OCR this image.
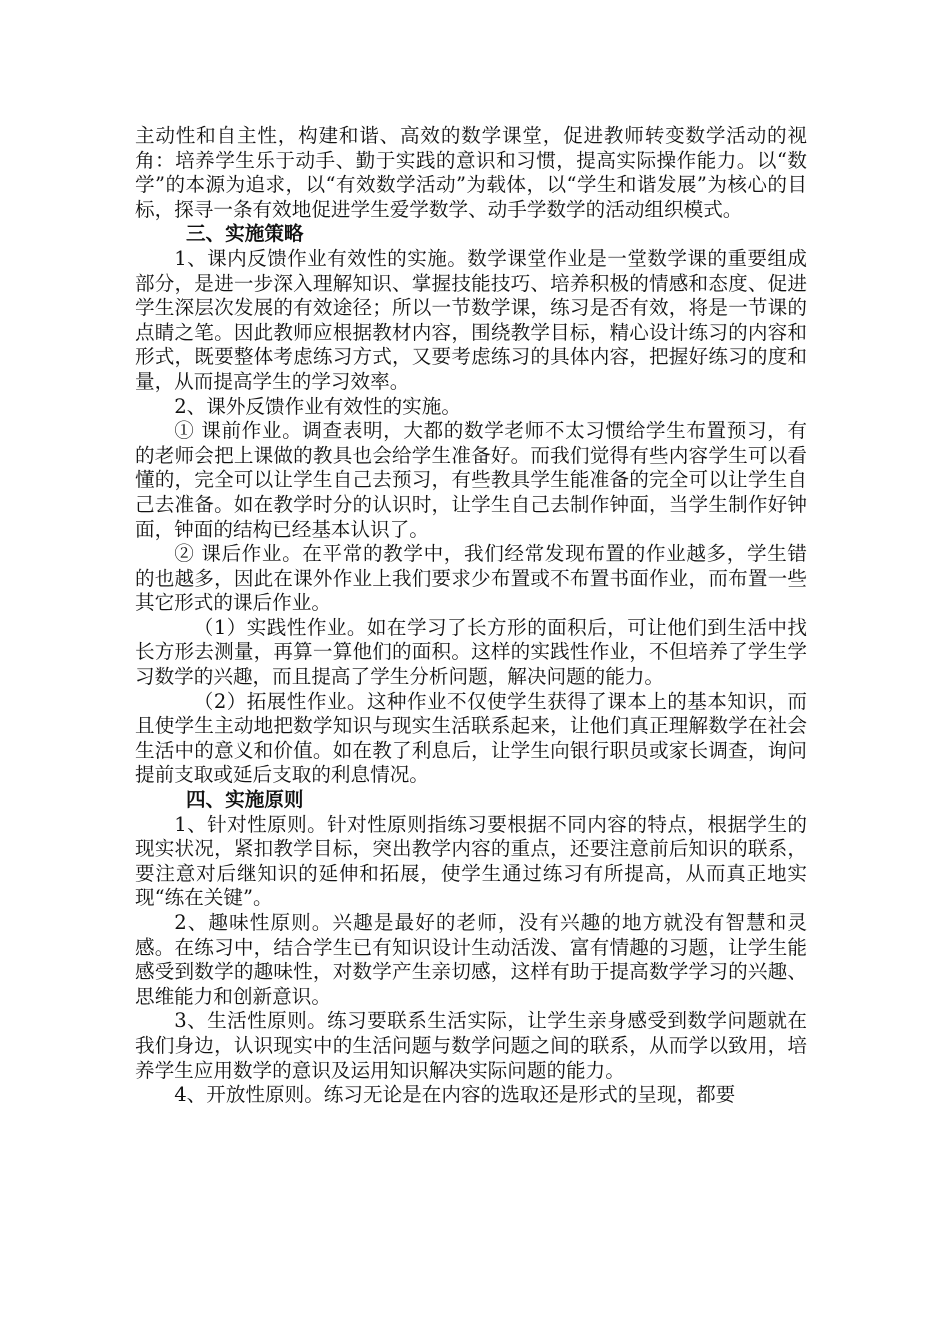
主动性和自主性，构建和谐、高效的数学课堂，促进教师转变数学活动的视角：培养学生乐于动手、勤于实践的意识和习惯，提高实际操作能力。以“数学”的本源为追求，以“有效数学活动”为载体，以“学生和谐发展”为核心的目标，探寻一条有效地促进学生爱学数学、动手学数学的活动组织模式。

三、实施策略

1、课内反馈作业有效性的实施。数学课堂作业是一堂数学课的重要组成部分，是进一步深入理解知识、掌握技能技巧、培养积极的情感和态度、促进学生深层次发展的有效途径；所以一节数学课，练习是否有效，将是一节课的点睛之笔。因此教师应根据教材内容，围绕教学目标，精心设计练习的内容和形式，既要整体考虑练习方式，又要考虑练习的具体内容，把握好练习的度和量，从而提高学生的学习效率。

2、课外反馈作业有效性的实施。

① 课前作业。调查表明，大都的数学老师不太习惯给学生布置预习，有的老师会把上课做的教具也会给学生准备好。而我们觉得有些内容学生可以看懂的，完全可以让学生自己去预习，有些教具学生能准备的完全可以让学生自己去准备。如在教学时分的认识时，让学生自己去制作钟面，当学生制作好钟面，钟面的结构已经基本认识了。

② 课后作业。在平常的教学中，我们经常发现布置的作业越多，学生错的也越多，因此在课外作业上我们要求少布置或不布置书面作业，而布置一些其它形式的课后作业。

（1）实践性作业。如在学习了长方形的面积后，可让他们到生活中找长方形去测量，再算一算他们的面积。这样的实践性作业，不但培养了学生学习数学的兴趣，而且提高了学生分析问题，解决问题的能力。

（2）拓展性作业。这种作业不仅使学生获得了课本上的基本知识，而且使学生主动地把数学知识与现实生活联系起来，让他们真正理解数学在社会生活中的意义和价值。如在教了利息后，让学生向银行职员或家长调查，询问提前支取或延后支取的利息情况。

四、实施原则

1、针对性原则。针对性原则指练习要根据不同内容的特点，根据学生的现实状况，紧扣教学目标，突出教学内容的重点，还要注意前后知识的联系，要注意对后继知识的延伸和拓展，使学生通过练习有所提高，从而真正地实现“练在关键”。

2、趣味性原则。兴趣是最好的老师，没有兴趣的地方就没有智慧和灵感。在练习中，结合学生已有知识设计生动活泼、富有情趣的习题，让学生能感受到数学的趣味性，对数学产生亲切感，这样有助于提高数学学习的兴趣、思维能力和创新意识。

3、生活性原则。练习要联系生活实际，让学生亲身感受到数学问题就在我们身边，认识现实中的生活问题与数学问题之间的联系，从而学以致用，培养学生应用数学的意识及运用知识解决实际问题的能力。

4、开放性原则。练习无论是在内容的选取还是形式的呈现，都要
